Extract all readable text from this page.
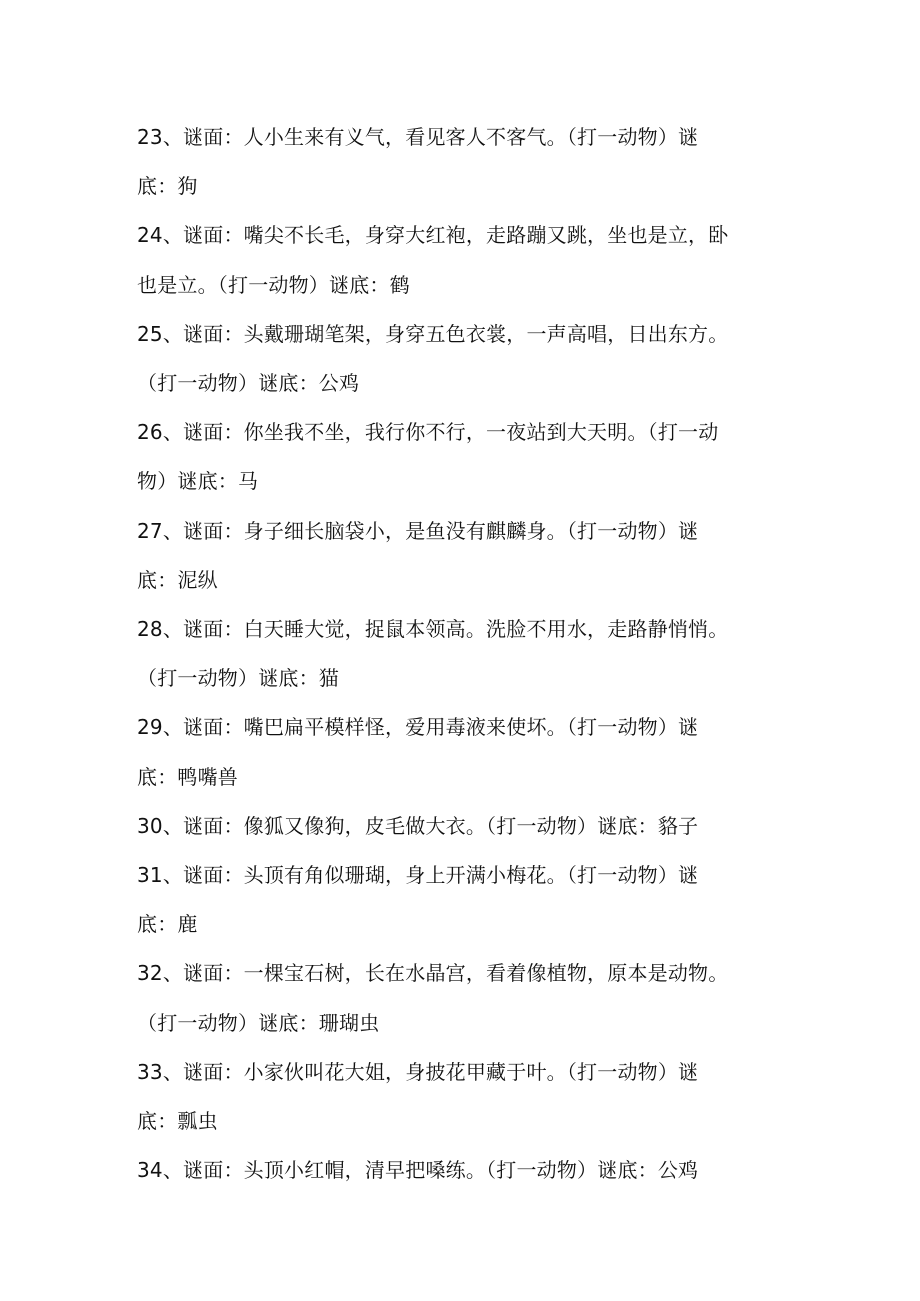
23、谜面：人小生来有义气，看见客人不客气。（打一动物）谜
底：狗

24、谜面：嘴尖不长毛，身穿大红袍，走路蹦又跳，坐也是立，卧
也是立。（打一动物）谜底：鹤

25、谜面：头戴珊瑚笔架，身穿五色衣裳，一声高唱，日出东方。
（打一动物）谜底：公鸡

26、谜面：你坐我不坐，我行你不行，一夜站到大天明。（打一动
物）谜底：马

27、谜面：身子细长脑袋小，是鱼没有麒麟身。（打一动物）谜
底：泥纵

28、谜面：白天睡大觉，捉鼠本领高。洗脸不用水，走路静悄悄。
（打一动物）谜底：猫

29、谜面：嘴巴扁平模样怪，爱用毒液来使坏。（打一动物）谜
底：鸭嘴兽

30、谜面：像狐又像狗，皮毛做大衣。（打一动物）谜底：貉子

31、谜面：头顶有角似珊瑚，身上开满小梅花。（打一动物）谜
底：鹿

32、谜面：一棵宝石树，长在水晶宫，看着像植物，原本是动物。
（打一动物）谜底：珊瑚虫

33、谜面：小家伙叫花大姐，身披花甲藏于叶。（打一动物）谜
底：瓢虫

34、谜面：头顶小红帽，清早把嗓练。（打一动物）谜底：公鸡
